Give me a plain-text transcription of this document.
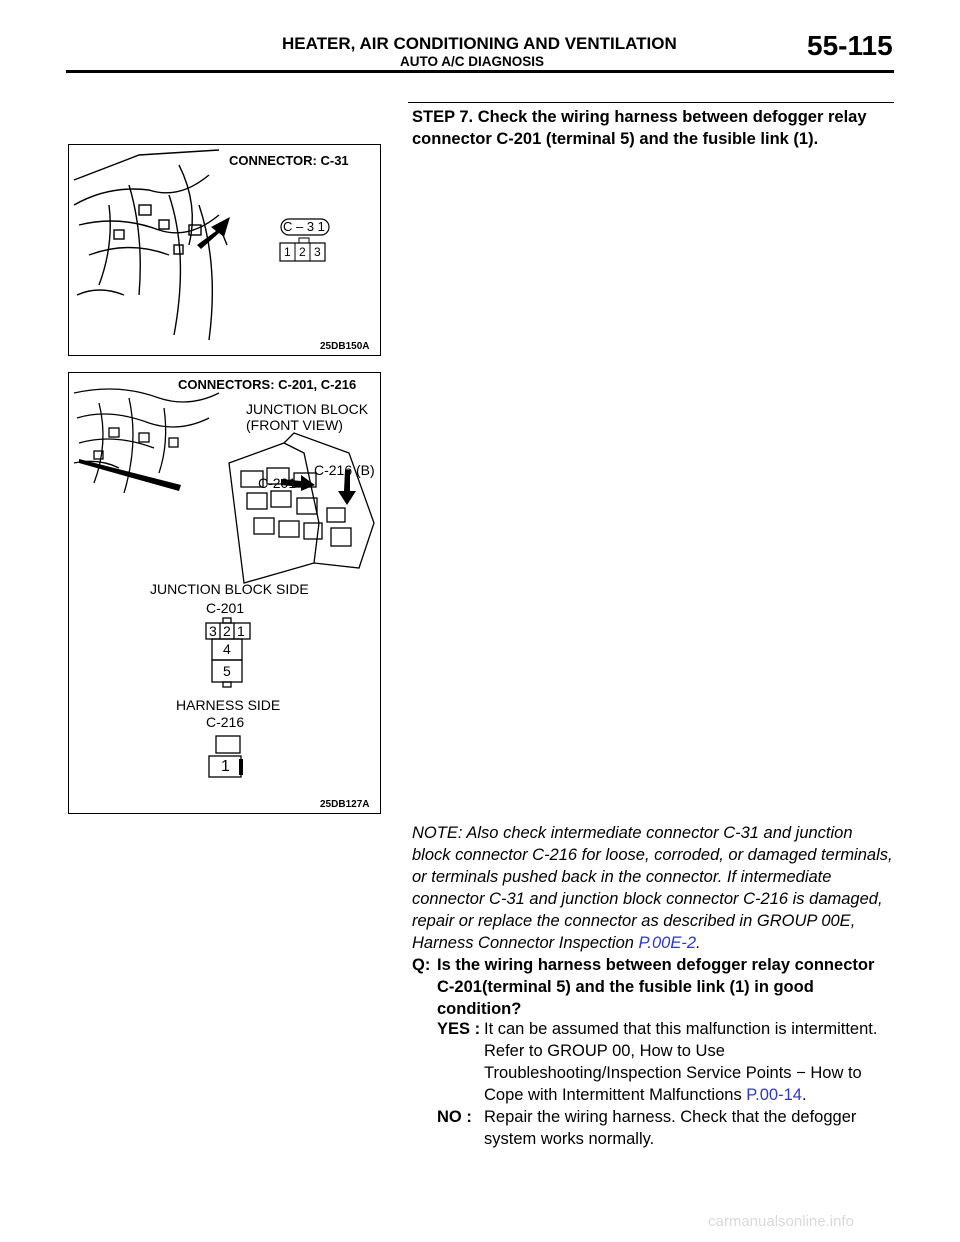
HEATER, AIR CONDITIONING AND VENTILATION
AUTO A/C DIAGNOSIS
55-115
STEP 7. Check the wiring harness between defogger relay connector C-201 (terminal 5) and the fusible link (1).
CONNECTOR: C-31
C – 3 1
1 2 3
25DB150A
CONNECTORS: C-201, C-216
JUNCTION BLOCK
(FRONT VIEW)
C-216 (B)
C-201
JUNCTION BLOCK SIDE
C-201
3 2 1
4
5
HARNESS SIDE
C-216
1
25DB127A
NOTE: Also check intermediate connector C-31 and junction block connector C-216 for loose, corroded, or damaged terminals, or terminals pushed back in the connector. If intermediate connector C-31 and junction block connector C-216 is damaged, repair or replace the connector as described in GROUP 00E, Harness Connector Inspection P.00E-2.
Q: Is the wiring harness between defogger relay connector C-201(terminal 5) and the fusible link (1) in good condition?
YES : It can be assumed that this malfunction is intermittent. Refer to GROUP 00, How to Use Troubleshooting/Inspection Service Points − How to Cope with Intermittent Malfunctions P.00-14.
NO : Repair the wiring harness. Check that the defogger system works normally.
carmanualsonline.info
